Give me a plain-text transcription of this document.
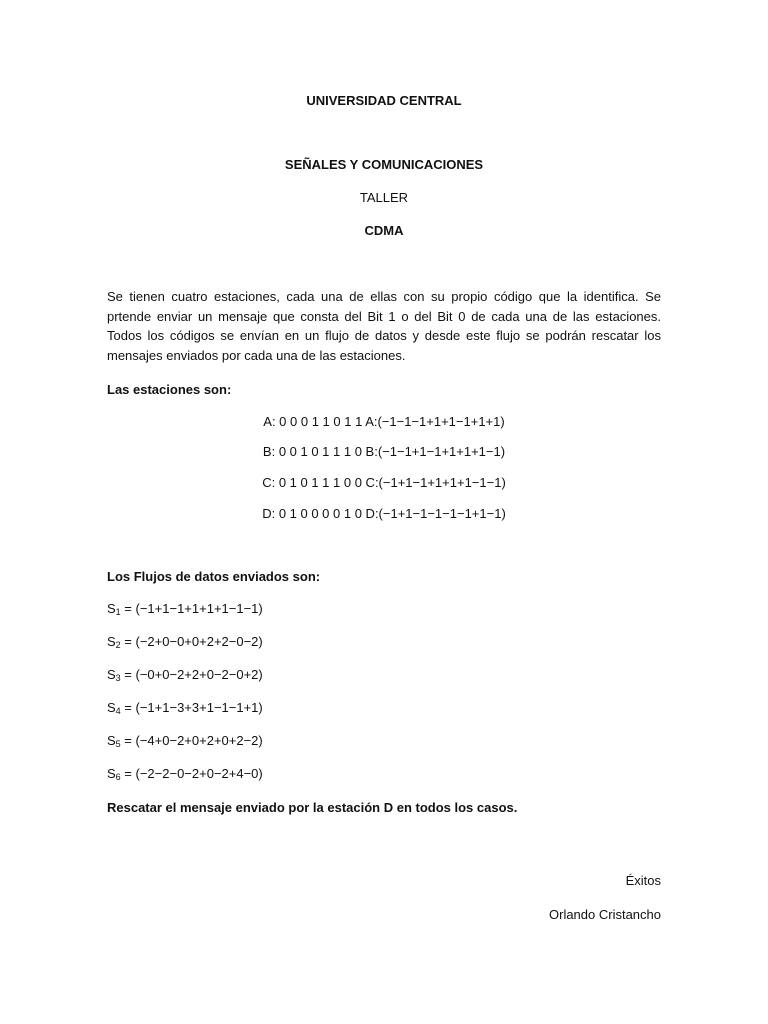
UNIVERSIDAD CENTRAL
SEÑALES Y COMUNICACIONES
TALLER
CDMA
Se tienen cuatro estaciones, cada una de ellas con su propio código que la identifica. Se prtende enviar un mensaje que consta del Bit 1 o del Bit 0 de cada una de las estaciones. Todos los códigos se envían en un flujo de datos y desde este flujo se podrán rescatar los mensajes enviados por cada una de las estaciones.
Las estaciones son:
A: 0 0 0 1 1 0 1 1 A:(−1−1−1+1+1−1+1+1)
B: 0 0 1 0 1 1 1 0 B:(−1−1+1−1+1+1+1−1)
C: 0 1 0 1 1 1 0 0 C:(−1+1−1+1+1+1−1−1)
D: 0 1 0 0 0 0 1 0 D:(−1+1−1−1−1−1+1−1)
Los Flujos de datos enviados son:
$S_1 = (-1+1-1+1+1+1-1-1)$
$S_2 = (-2+0-0+0+2+2-0-2)$
$S_3 = (-0+0-2+2+0-2-0+2)$
$S_4 = (-1+1-3+3+1-1-1+1)$
$S_5 = (-4+0-2+0+2+0+2-2)$
$S_6 = (-2-2-0-2+0-2+4-0)$
Rescatar el mensaje enviado por la estación D en todos los casos.
Éxitos
Orlando Cristancho
